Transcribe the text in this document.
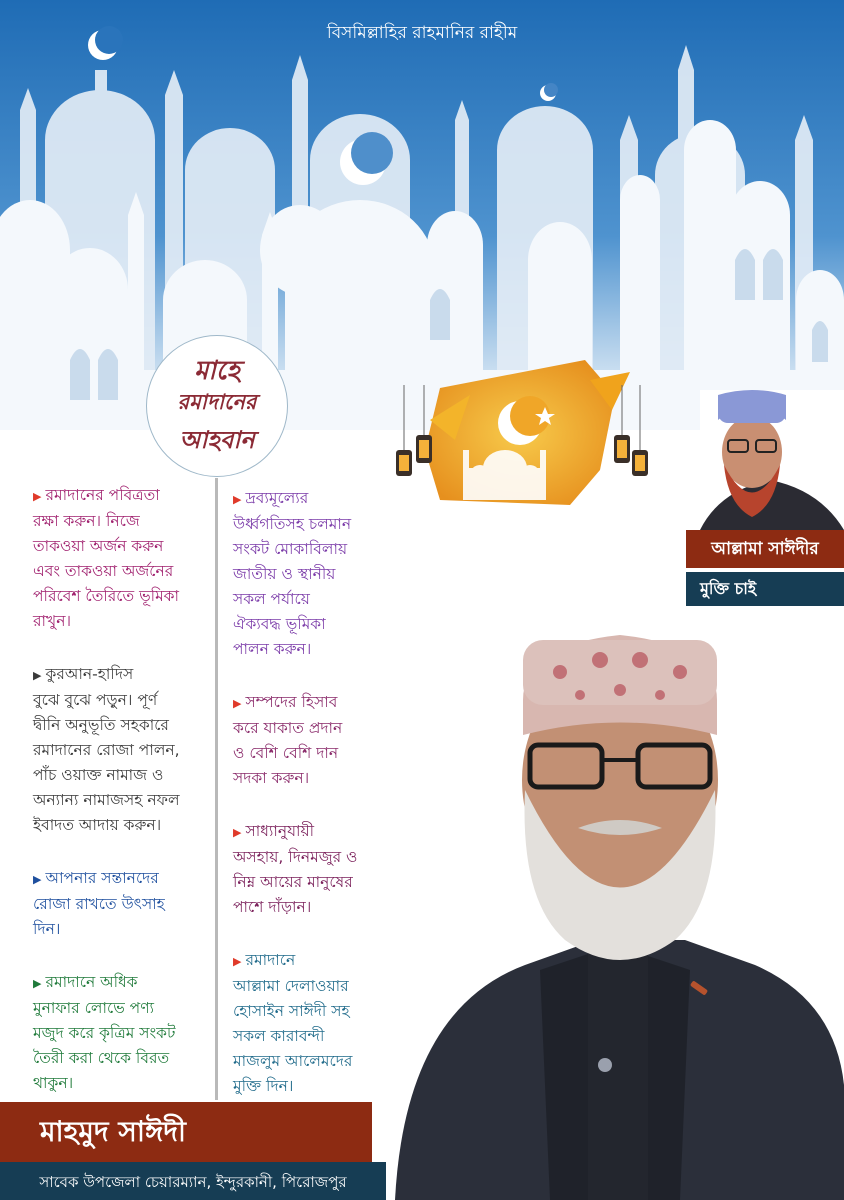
বিসমিল্লাহির রাহমানির রাহীম
মাহে
রমাদানের
আহবান
▶ রমাদানের পবিত্রতা
রক্ষা করুন। নিজে
তাকওয়া অর্জন করুন
এবং তাকওয়া অর্জনের
পরিবেশ তৈরিতে ভূমিকা
রাখুন।
▶ কুরআন-হাদিস
বুঝে বুঝে পড়ুন। পূর্ণ
দ্বীনি অনুভূতি সহকারে
রমাদানের রোজা পালন,
পাঁচ ওয়াক্ত নামাজ ও
অন্যান্য নামাজসহ নফল
ইবাদত আদায় করুন।
▶ আপনার সন্তানদের
রোজা রাখতে উৎসাহ
দিন।
▶ রমাদানে অধিক
মুনাফার লোভে পণ্য
মজুদ করে কৃত্রিম সংকট
তৈরী করা থেকে বিরত
থাকুন।
▶ দ্রব্যমূল্যের
উর্ধ্বগতিসহ চলমান
সংকট মোকাবিলায়
জাতীয় ও স্থানীয়
সকল পর্যায়ে
ঐক্যবদ্ধ ভূমিকা
পালন করুন।
▶ সম্পদের হিসাব
করে যাকাত প্রদান
ও বেশি বেশি দান
সদকা করুন।
▶ সাধ্যানুযায়ী
অসহায়, দিনমজুর ও
নিম্ন আয়ের মানুষের
পাশে দাঁড়ান।
▶ রমাদানে
আল্লামা দেলাওয়ার
হোসাইন সাঈদী সহ
সকল কারাবন্দী
মাজলুম আলেমদের
মুক্তি দিন।
আল্লামা সাঈদীর
মুক্তি চাই
মাহমুদ সাঈদী
সাবেক উপজেলা চেয়ারম্যান, ইন্দুরকানী, পিরোজপুর
